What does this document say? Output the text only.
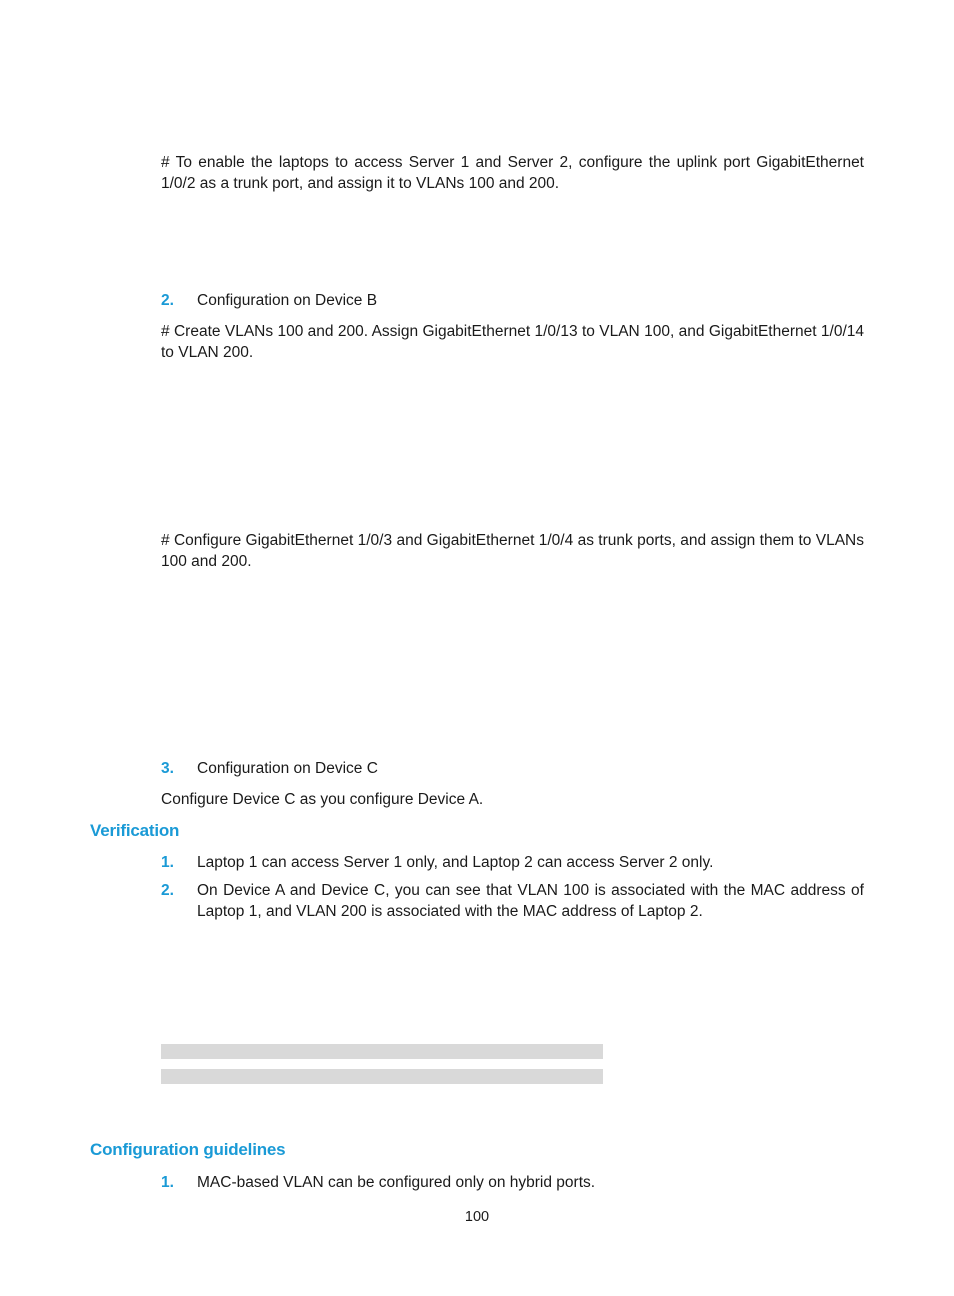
# To enable the laptops to access Server 1 and Server 2, configure the uplink port GigabitEthernet 1/0/2 as a trunk port, and assign it to VLANs 100 and 200.
2. Configuration on Device B
# Create VLANs 100 and 200. Assign GigabitEthernet 1/0/13 to VLAN 100, and GigabitEthernet 1/0/14 to VLAN 200.
# Configure GigabitEthernet 1/0/3 and GigabitEthernet 1/0/4 as trunk ports, and assign them to VLANs 100 and 200.
3. Configuration on Device C
Configure Device C as you configure Device A.
Verification
1. Laptop 1 can access Server 1 only, and Laptop 2 can access Server 2 only.
2. On Device A and Device C, you can see that VLAN 100 is associated with the MAC address of Laptop 1, and VLAN 200 is associated with the MAC address of Laptop 2.
Configuration guidelines
1. MAC-based VLAN can be configured only on hybrid ports.
100
